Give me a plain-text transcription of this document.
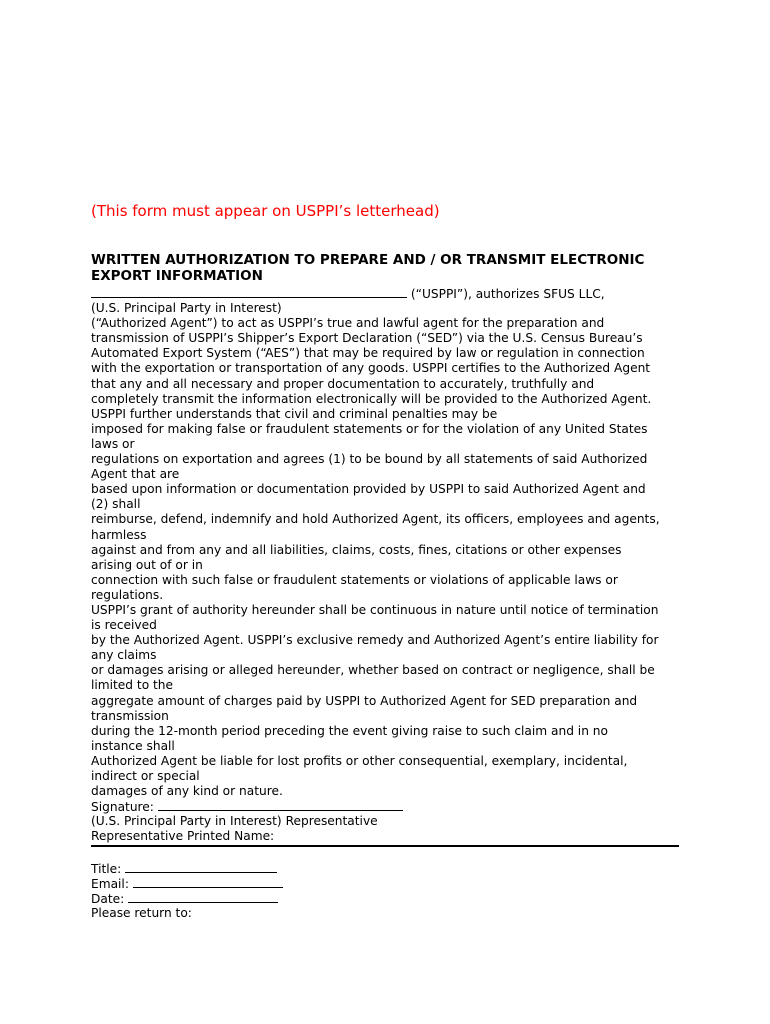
(This form must appear on USPPI’s letterhead)
WRITTEN AUTHORIZATION TO PREPARE AND / OR TRANSMIT ELECTRONIC
EXPORT INFORMATION
(“USPPI”), authorizes SFUS LLC,
(U.S. Principal Party in Interest)
(“Authorized Agent”) to act as USPPI’s true and lawful agent for the preparation and
transmission of USPPI’s Shipper’s Export Declaration (“SED”) via the U.S. Census Bureau’s
Automated Export System (“AES”) that may be required by law or regulation in connection
with the exportation or transportation of any goods. USPPI certifies to the Authorized Agent
that any and all necessary and proper documentation to accurately, truthfully and
completely transmit the information electronically will be provided to the Authorized Agent.
USPPI further understands that civil and criminal penalties may be
imposed for making false or fraudulent statements or for the violation of any United States
laws or
regulations on exportation and agrees (1) to be bound by all statements of said Authorized
Agent that are
based upon information or documentation provided by USPPI to said Authorized Agent and
(2) shall
reimburse, defend, indemnify and hold Authorized Agent, its officers, employees and agents,
harmless
against and from any and all liabilities, claims, costs, fines, citations or other expenses
arising out of or in
connection with such false or fraudulent statements or violations of applicable laws or
regulations.
USPPI’s grant of authority hereunder shall be continuous in nature until notice of termination
is received
by the Authorized Agent. USPPI’s exclusive remedy and Authorized Agent’s entire liability for
any claims
or damages arising or alleged hereunder, whether based on contract or negligence, shall be
limited to the
aggregate amount of charges paid by USPPI to Authorized Agent for SED preparation and
transmission
during the 12-month period preceding the event giving raise to such claim and in no
instance shall
Authorized Agent be liable for lost profits or other consequential, exemplary, incidental,
indirect or special
damages of any kind or nature.
Signature:
(U.S. Principal Party in Interest) Representative
Representative Printed Name:
Title:
Email:
Date:
Please return to:
